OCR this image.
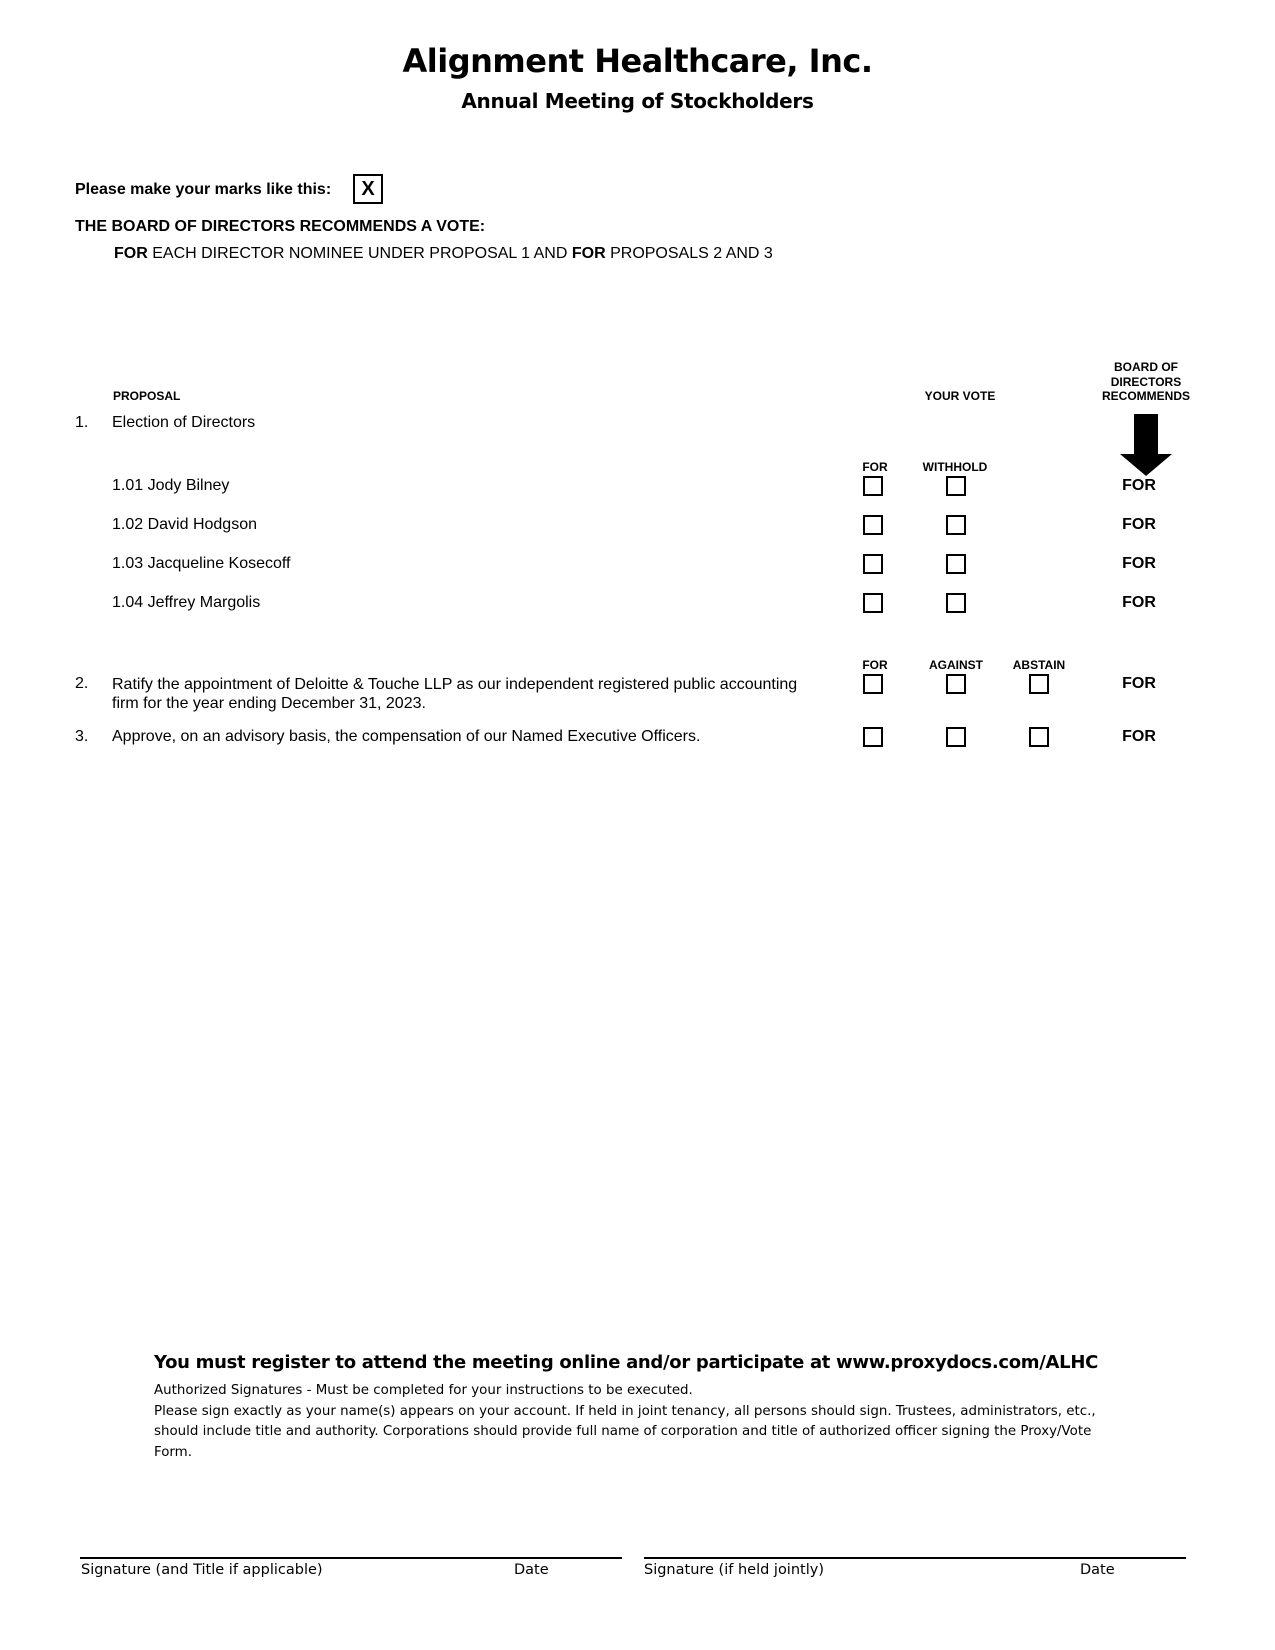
Alignment Healthcare, Inc.
Annual Meeting of Stockholders
Please make your marks like this:	X
THE BOARD OF DIRECTORS RECOMMENDS A VOTE:
FOR EACH DIRECTOR NOMINEE UNDER PROPOSAL 1 AND FOR PROPOSALS 2 AND 3
PROPOSAL	YOUR VOTE
BOARD OF
DIRECTORS
RECOMMENDS
1. Election of Directors
FOR	WITHHOLD
1.01 Jody Bilney	FOR
1.02 David Hodgson	FOR
1.03 Jacqueline Kosecoff	FOR
1.04 Jeffrey Margolis	FOR
FOR	AGAINST	ABSTAIN
2. Ratify the appointment of Deloitte & Touche LLP as our independent registered public accounting
firm for the year ending December 31, 2023.
FOR
3. Approve, on an advisory basis, the compensation of our Named Executive Officers.	FOR
You must register to attend the meeting online and/or participate at www.proxydocs.com/ALHC
Authorized Signatures - Must be completed for your instructions to be executed.
Please sign exactly as your name(s) appears on your account. If held in joint tenancy, all persons should sign. Trustees, administrators, etc.,
should include title and authority. Corporations should provide full name of corporation and title of authorized officer signing the Proxy/Vote
Form.
Signature (and Title if applicable)	Date	Signature (if held jointly)	Date
